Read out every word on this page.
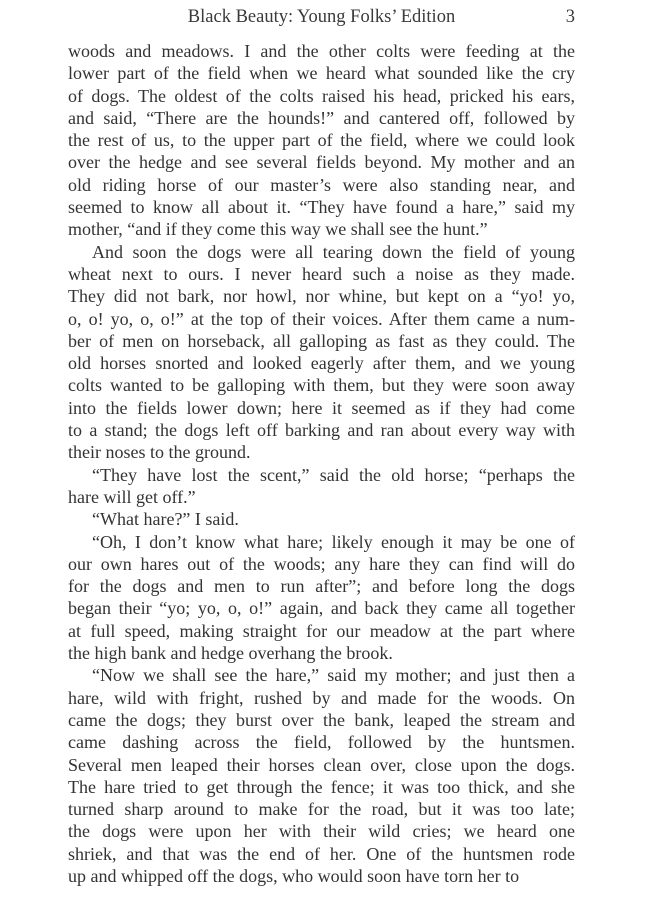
Black Beauty: Young Folks’ Edition	3
woods and meadows. I and the other colts were feeding at the
lower part of the field when we heard what sounded like the cry
of dogs. The oldest of the colts raised his head, pricked his ears,
and said, “There are the hounds!” and cantered off, followed by
the rest of us, to the upper part of the field, where we could look
over the hedge and see several fields beyond. My mother and an
old riding horse of our master’s were also standing near, and
seemed to know all about it. “They have found a hare,” said my
mother, “and if they come this way we shall see the hunt.”
And soon the dogs were all tearing down the field of young
wheat next to ours. I never heard such a noise as they made.
They did not bark, nor howl, nor whine, but kept on a “yo! yo,
o, o! yo, o, o!” at the top of their voices. After them came a num-
ber of men on horseback, all galloping as fast as they could. The
old horses snorted and looked eagerly after them, and we young
colts wanted to be galloping with them, but they were soon away
into the fields lower down; here it seemed as if they had come
to a stand; the dogs left off barking and ran about every way with
their noses to the ground.
“They have lost the scent,” said the old horse; “perhaps the
hare will get off.”
“What hare?” I said.
“Oh, I don’t know what hare; likely enough it may be one of
our own hares out of the woods; any hare they can find will do
for the dogs and men to run after”; and before long the dogs
began their “yo; yo, o, o!” again, and back they came all together
at full speed, making straight for our meadow at the part where
the high bank and hedge overhang the brook.
“Now we shall see the hare,” said my mother; and just then a
hare, wild with fright, rushed by and made for the woods. On
came the dogs; they burst over the bank, leaped the stream and
came dashing across the field, followed by the huntsmen.
Several men leaped their horses clean over, close upon the dogs.
The hare tried to get through the fence; it was too thick, and she
turned sharp around to make for the road, but it was too late;
the dogs were upon her with their wild cries; we heard one
shriek, and that was the end of her. One of the huntsmen rode
up and whipped off the dogs, who would soon have torn her to
